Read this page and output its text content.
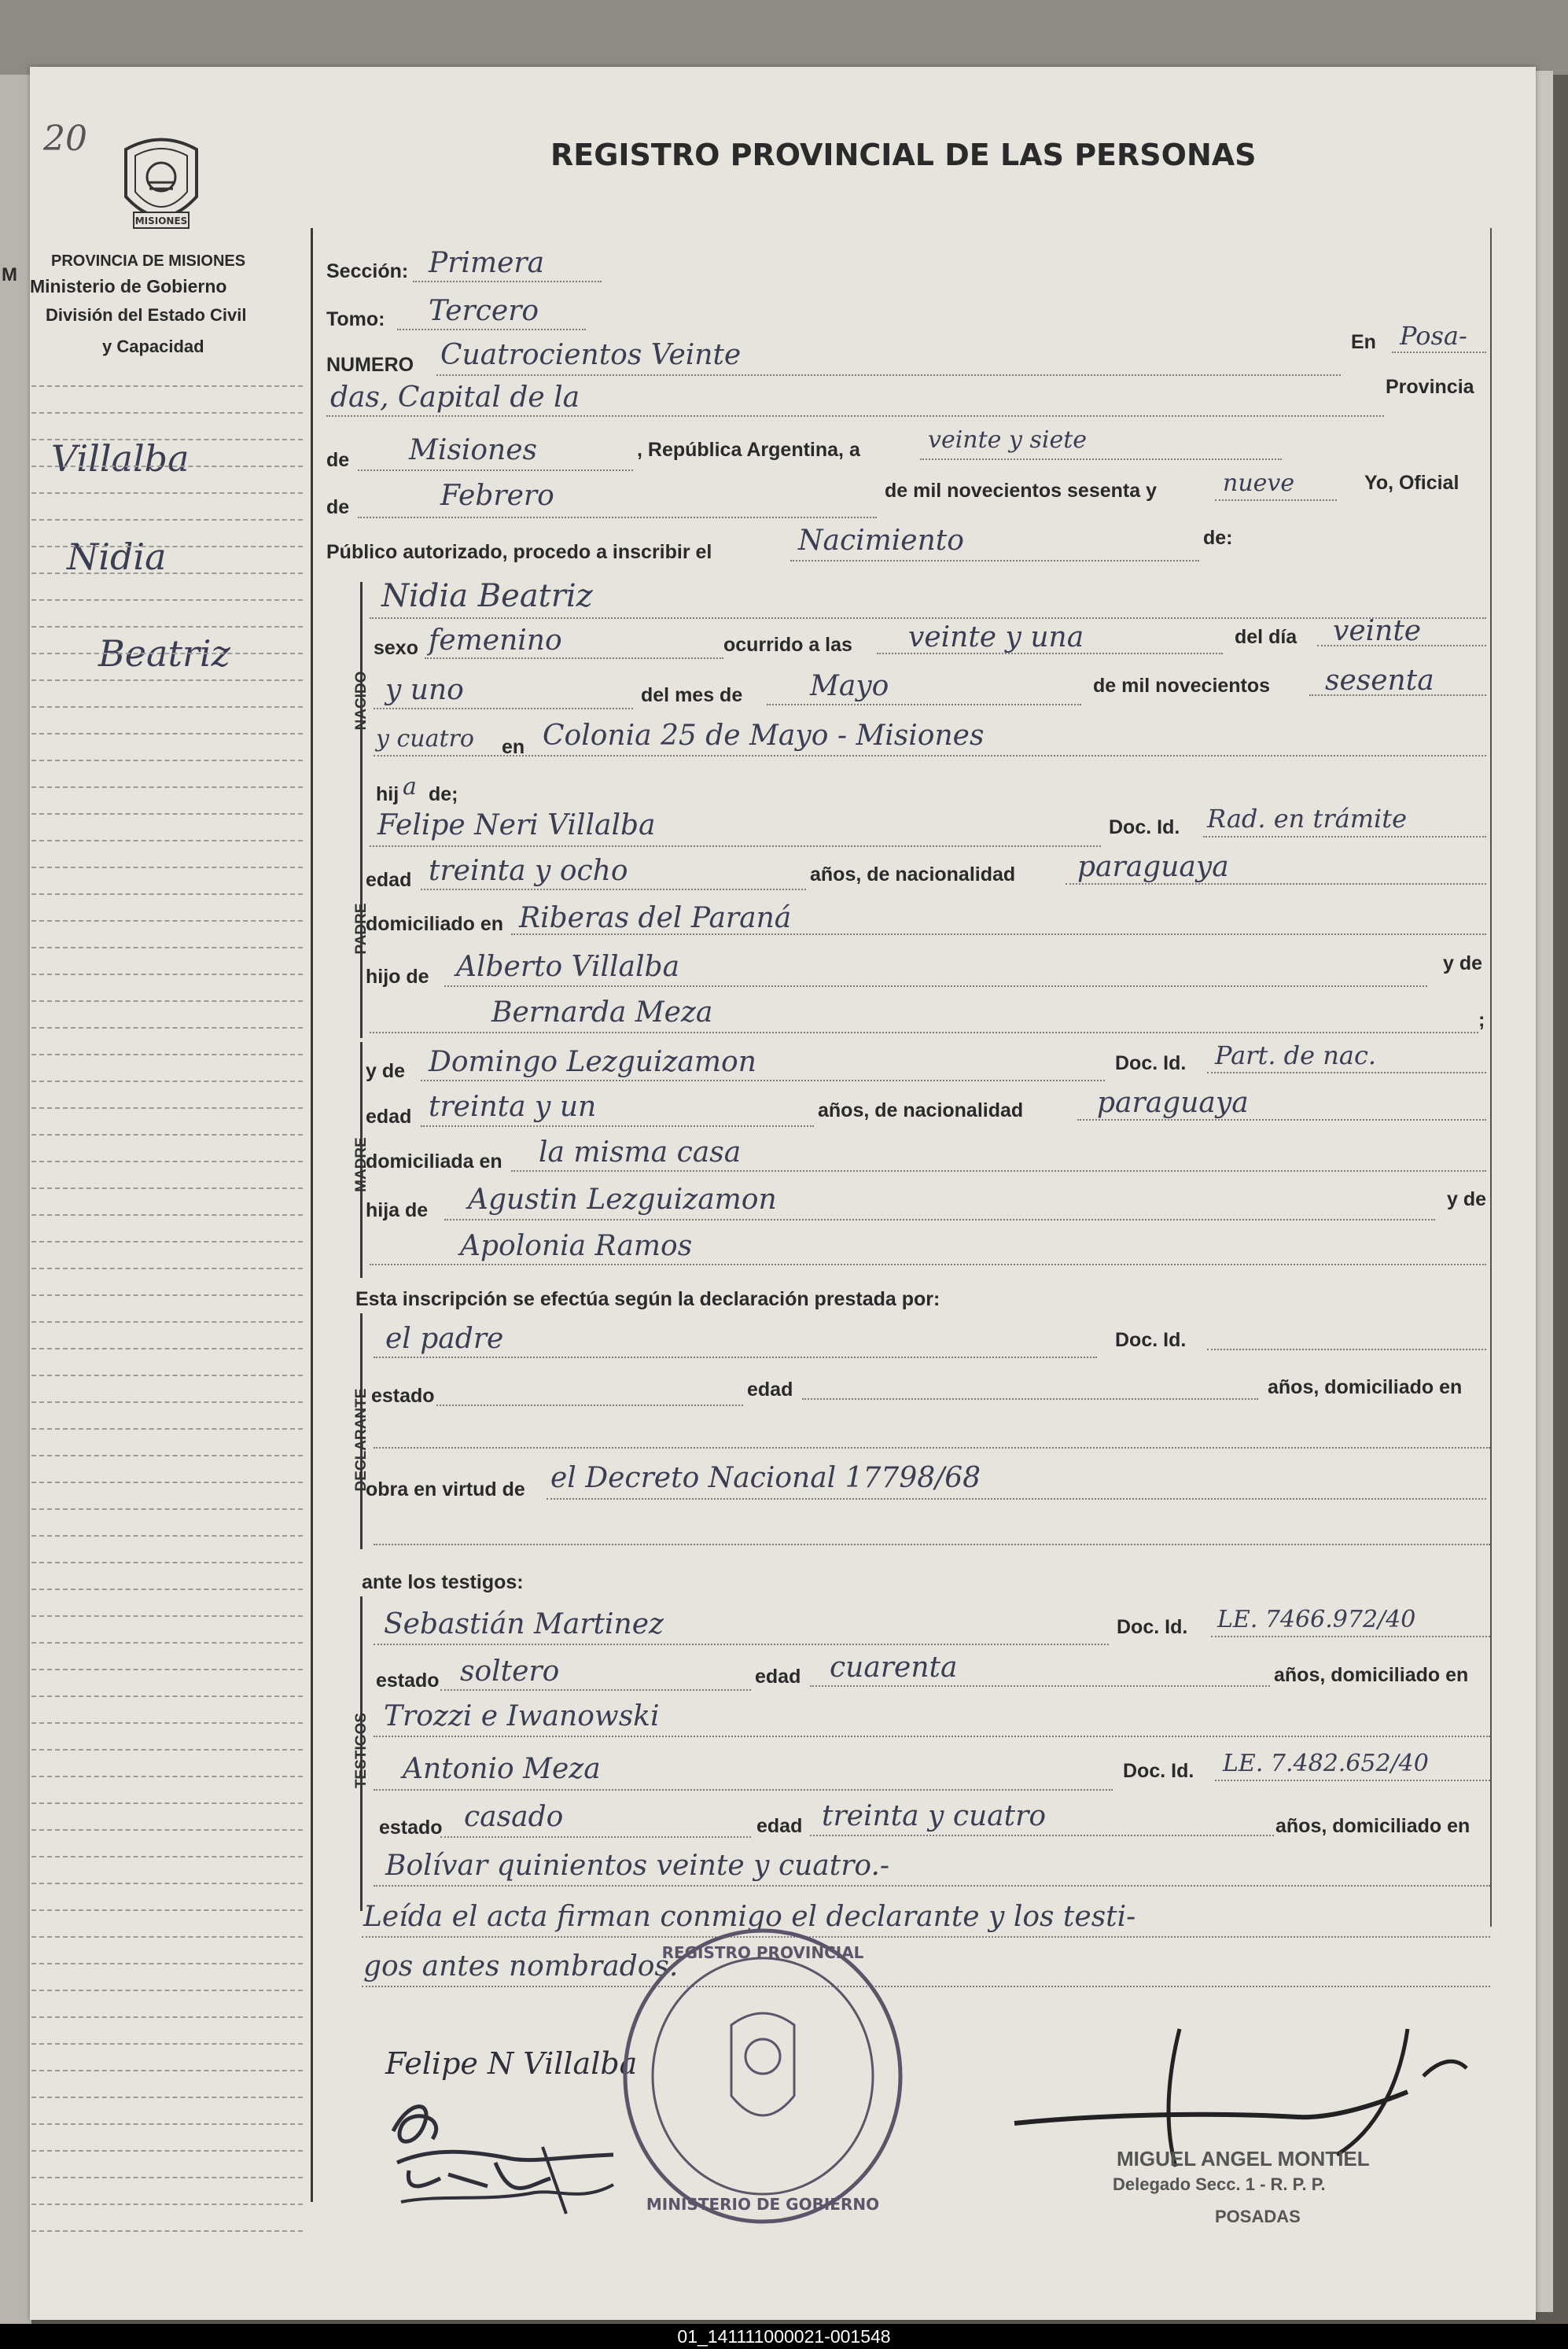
20
MISIONES
PROVINCIA DE MISIONES
Ministerio de Gobierno
División del Estado Civil
y Capacidad
M
Villalba
Nidia
Beatriz
REGISTRO PROVINCIAL DE LAS PERSONAS
Sección: Primera
Tomo: Tercero
NUMERO Cuatrocientos Veinte	En Posa-
das, Capital de la	Provincia
de Misiones	, República Argentina, a	veinte y siete
de	Febrero	de mil novecientos sesenta y	nueve	Yo, Oficial
Público autorizado, procedo a inscribir el	Nacimiento	de:
NACIDO
Nidia Beatriz
sexo femenino	ocurrido a las veinte y una	del día veinte
y uno	del mes de Mayo	de mil novecientos sesenta
y cuatro en Colonia 25 de Mayo - Misiones
hij a de;
PADRE
Felipe Neri Villalba	Doc. Id. Rad. en trámite
edad treinta y ocho	años, de nacionalidad paraguaya
domiciliado en Riberas del Paraná
hijo de Alberto Villalba	y de
Bernarda Meza	;
MADRE
y de Domingo Lezguizamon	Doc. Id. Part. de nac.
edad treinta y un	años, de nacionalidad	paraguaya
domiciliada en la misma casa
hija de Agustin Lezguizamon	y de
Apolonia Ramos
Esta inscripción se efectúa según la declaración prestada por:
DECLARANTE
el padre	Doc. Id.
estado	edad	años, domiciliado en
obra en virtud de el Decreto Nacional 17798/68
ante los testigos:
TESTIGOS
Sebastián Martinez	Doc. Id. LE. 7466.972/40
estado soltero	edad cuarenta	años, domiciliado en
Trozzi e Iwanowski
Antonio Meza	Doc. Id. LE. 7.482.652/40
estado casado	edad treinta y cuatro	años, domiciliado en
Bolívar quinientos veinte y cuatro.-
Leída el acta firman conmigo el declarante y los testi-
gos antes nombrados.
Felipe N Villalba
REGISTRO PROVINCIAL
MINISTERIO DE GOBIERNO
MIGUEL ANGEL MONTIEL
Delegado Secc. 1 - R. P. P.
POSADAS
01_141111000021-001548
